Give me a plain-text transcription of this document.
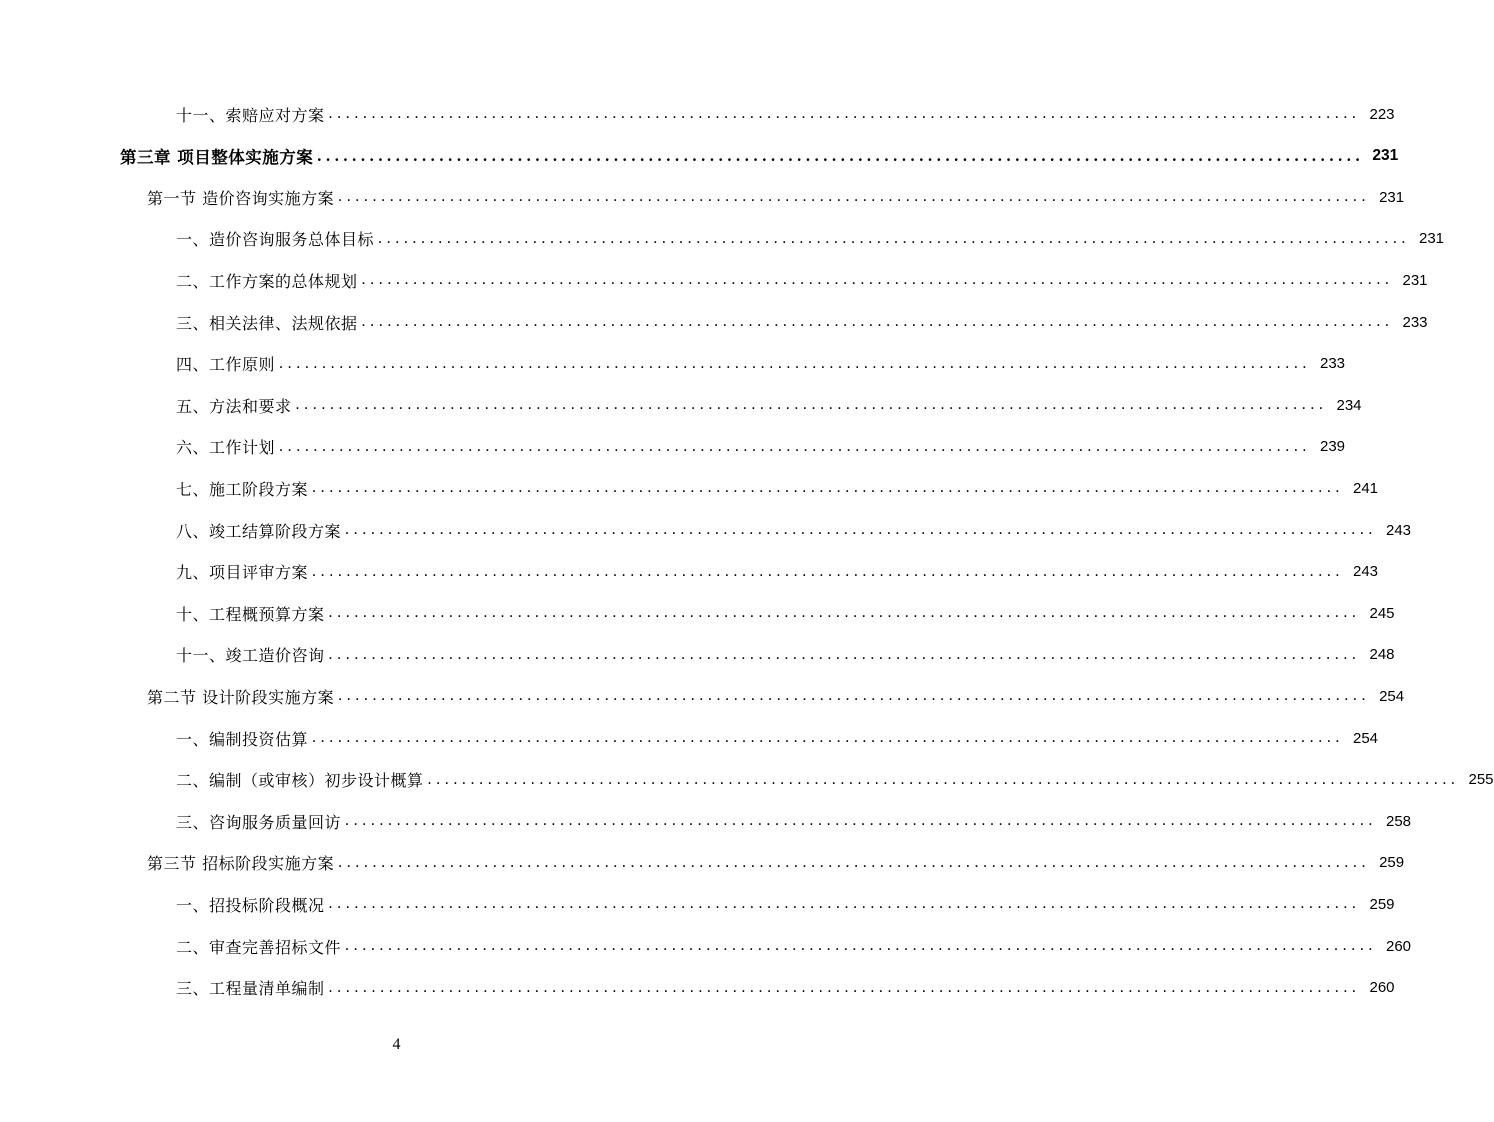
十一、索赔应对方案 ........................................................................................................................ 223
第三章 项目整体实施方案 ........................................................................................................................ 231
第一节 造价咨询实施方案 ........................................................................................................................ 231
一、造价咨询服务总体目标 ........................................................................................................................ 231
二、工作方案的总体规划 ........................................................................................................................ 231
三、相关法律、法规依据 ........................................................................................................................ 233
四、工作原则 ........................................................................................................................ 233
五、方法和要求 ........................................................................................................................ 234
六、工作计划 ........................................................................................................................ 239
七、施工阶段方案 ........................................................................................................................ 241
八、竣工结算阶段方案 ........................................................................................................................ 243
九、项目评审方案 ........................................................................................................................ 243
十、工程概预算方案 ........................................................................................................................ 245
十一、竣工造价咨询 ........................................................................................................................ 248
第二节 设计阶段实施方案 ........................................................................................................................ 254
一、编制投资估算 ........................................................................................................................ 254
二、编制（或审核）初步设计概算 ........................................................................................................................ 255
三、咨询服务质量回访 ........................................................................................................................ 258
第三节 招标阶段实施方案 ........................................................................................................................ 259
一、招投标阶段概况 ........................................................................................................................ 259
二、审查完善招标文件 ........................................................................................................................ 260
三、工程量清单编制 ........................................................................................................................ 260
4
